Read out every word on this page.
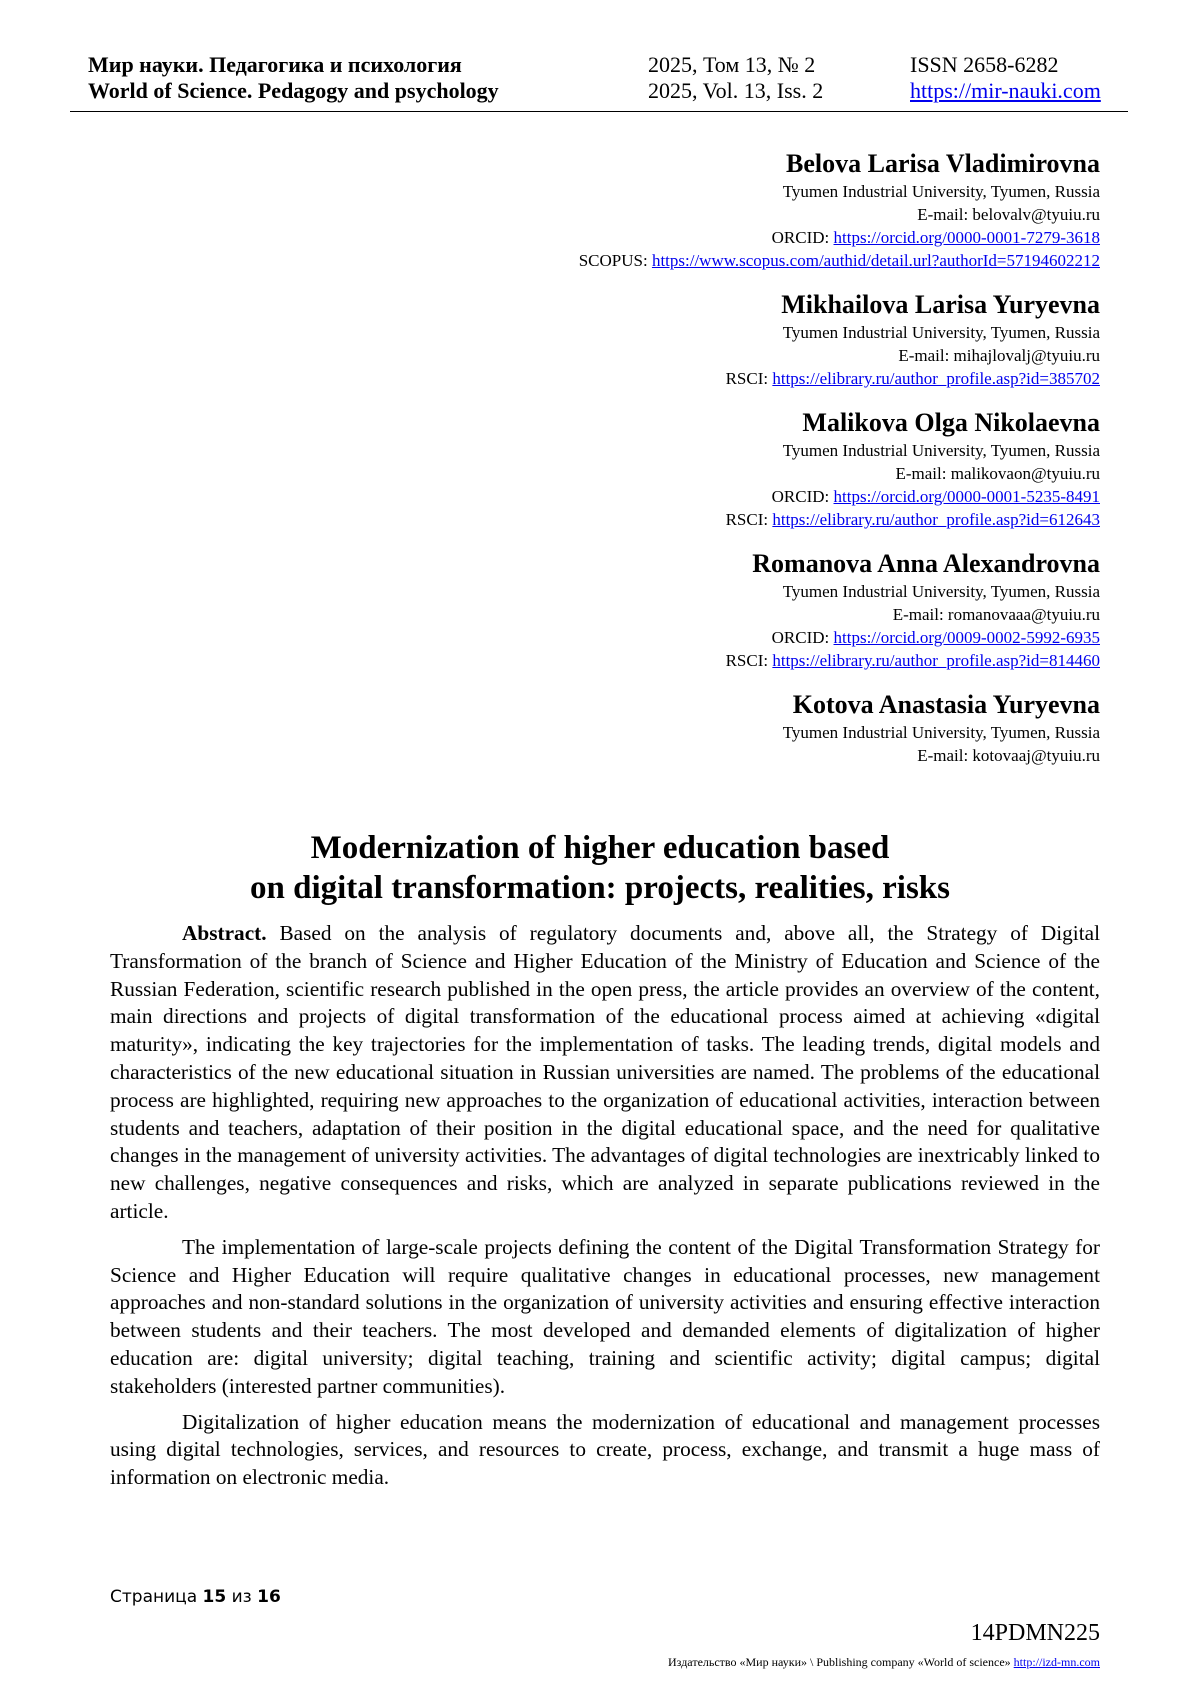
Мир науки. Педагогика и психология	2025, Том 13, № 2	ISSN 2658-6282
World of Science. Pedagogy and psychology	2025, Vol. 13, Iss. 2	https://mir-nauki.com
Belova Larisa Vladimirovna
Tyumen Industrial University, Tyumen, Russia
E-mail: belovalv@tyuiu.ru
ORCID: https://orcid.org/0000-0001-7279-3618
SCOPUS: https://www.scopus.com/authid/detail.url?authorId=57194602212
Mikhailova Larisa Yuryevna
Tyumen Industrial University, Tyumen, Russia
E-mail: mihajlovalj@tyuiu.ru
RSCI: https://elibrary.ru/author_profile.asp?id=385702
Malikova Olga Nikolaevna
Tyumen Industrial University, Tyumen, Russia
E-mail: malikovaon@tyuiu.ru
ORCID: https://orcid.org/0000-0001-5235-8491
RSCI: https://elibrary.ru/author_profile.asp?id=612643
Romanova Anna Alexandrovna
Tyumen Industrial University, Tyumen, Russia
E-mail: romanovaaa@tyuiu.ru
ORCID: https://orcid.org/0009-0002-5992-6935
RSCI: https://elibrary.ru/author_profile.asp?id=814460
Kotova Anastasia Yuryevna
Tyumen Industrial University, Tyumen, Russia
E-mail: kotovaaj@tyuiu.ru
Modernization of higher education based
on digital transformation: projects, realities, risks

Abstract. Based on the analysis of regulatory documents and, above all, the Strategy of Digital Transformation of the branch of Science and Higher Education of the Ministry of Education and Science of the Russian Federation, scientific research published in the open press, the article provides an overview of the content, main directions and projects of digital transformation of the educational process aimed at achieving «digital maturity», indicating the key trajectories for the implementation of tasks. The leading trends, digital models and characteristics of the new educational situation in Russian universities are named. The problems of the educational process are highlighted, requiring new approaches to the organization of educational activities, interaction between students and teachers, adaptation of their position in the digital educational space, and the need for qualitative changes in the management of university activities. The advantages of digital technologies are inextricably linked to new challenges, negative consequences and risks, which are analyzed in separate publications reviewed in the article.

The implementation of large-scale projects defining the content of the Digital Transformation Strategy for Science and Higher Education will require qualitative changes in educational processes, new management approaches and non-standard solutions in the organization of university activities and ensuring effective interaction between students and their teachers. The most developed and demanded elements of digitalization of higher education are: digital university; digital teaching, training and scientific activity; digital campus; digital stakeholders (interested partner communities).

Digitalization of higher education means the modernization of educational and management processes using digital technologies, services, and resources to create, process, exchange, and transmit a huge mass of information on electronic media.

Страница 15 из 16
14PDMN225
Издательство «Мир науки» \ Publishing company «World of science» http://izd-mn.com
